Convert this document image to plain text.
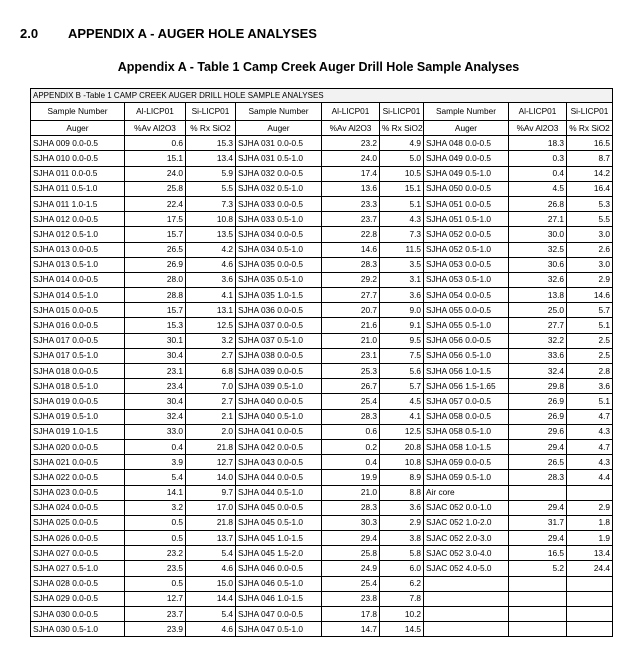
2.0 APPENDIX A - AUGER HOLE ANALYSES
Appendix A - Table 1 Camp Creek Auger Drill Hole Sample Analyses
APPENDIX B -Table 1 CAMP CREEK AUGER DRILL HOLE SAMPLE ANALYSES								
Sample Number	Al-LICP01	Si-LICP01	Sample Number	Al-LICP01	Si-LICP01	Sample Number	Al-LICP01	Si-LICP01
Auger	%Av Al2O3	% Rx SiO2	Auger	%Av Al2O3	% Rx SiO2	Auger	%Av Al2O3	% Rx SiO2
SJHA 009 0.0-0.5	0.6	15.3	SJHA 031 0.0-0.5	23.2	4.9	SJHA 048 0.0-0.5	18.3	16.5
SJHA 010 0.0-0.5	15.1	13.4	SJHA 031 0.5-1.0	24.0	5.0	SJHA 049 0.0-0.5	0.3	8.7
SJHA 011 0.0-0.5	24.0	5.9	SJHA 032 0.0-0.5	17.4	10.5	SJHA 049 0.5-1.0	0.4	14.2
SJHA 011 0.5-1.0	25.8	5.5	SJHA 032 0.5-1.0	13.6	15.1	SJHA 050 0.0-0.5	4.5	16.4
SJHA 011 1.0-1.5	22.4	7.3	SJHA 033 0.0-0.5	23.3	5.1	SJHA 051 0.0-0.5	26.8	5.3
SJHA 012 0.0-0.5	17.5	10.8	SJHA 033 0.5-1.0	23.7	4.3	SJHA 051 0.5-1.0	27.1	5.5
SJHA 012 0.5-1.0	15.7	13.5	SJHA 034 0.0-0.5	22.8	7.3	SJHA 052 0.0-0.5	30.0	3.0
SJHA 013 0.0-0.5	26.5	4.2	SJHA 034 0.5-1.0	14.6	11.5	SJHA 052 0.5-1.0	32.5	2.6
SJHA 013 0.5-1.0	26.9	4.6	SJHA 035 0.0-0.5	28.3	3.5	SJHA 053 0.0-0.5	30.6	3.0
SJHA 014 0.0-0.5	28.0	3.6	SJHA 035 0.5-1.0	29.2	3.1	SJHA 053 0.5-1.0	32.6	2.9
SJHA 014 0.5-1.0	28.8	4.1	SJHA 035 1.0-1.5	27.7	3.6	SJHA 054 0.0-0.5	13.8	14.6
SJHA 015 0.0-0.5	15.7	13.1	SJHA 036 0.0-0.5	20.7	9.0	SJHA 055 0.0-0.5	25.0	5.7
SJHA 016 0.0-0.5	15.3	12.5	SJHA 037 0.0-0.5	21.6	9.1	SJHA 055 0.5-1.0	27.7	5.1
SJHA 017 0.0-0.5	30.1	3.2	SJHA 037 0.5-1.0	21.0	9.5	SJHA 056 0.0-0.5	32.2	2.5
SJHA 017 0.5-1.0	30.4	2.7	SJHA 038 0.0-0.5	23.1	7.5	SJHA 056 0.5-1.0	33.6	2.5
SJHA 018 0.0-0.5	23.1	6.8	SJHA 039 0.0-0.5	25.3	5.6	SJHA 056 1.0-1.5	32.4	2.8
SJHA 018 0.5-1.0	23.4	7.0	SJHA 039 0.5-1.0	26.7	5.7	SJHA 056 1.5-1.65	29.8	3.6
SJHA 019 0.0-0.5	30.4	2.7	SJHA 040 0.0-0.5	25.4	4.5	SJHA 057 0.0-0.5	26.9	5.1
SJHA 019 0.5-1.0	32.4	2.1	SJHA 040 0.5-1.0	28.3	4.1	SJHA 058 0.0-0.5	26.9	4.7
SJHA 019 1.0-1.5	33.0	2.0	SJHA 041 0.0-0.5	0.6	12.5	SJHA 058 0.5-1.0	29.6	4.3
SJHA 020 0.0-0.5	0.4	21.8	SJHA 042 0.0-0.5	0.2	20.8	SJHA 058 1.0-1.5	29.4	4.7
SJHA 021 0.0-0.5	3.9	12.7	SJHA 043 0.0-0.5	0.4	10.8	SJHA 059 0.0-0.5	26.5	4.3
SJHA 022 0.0-0.5	5.4	14.0	SJHA 044 0.0-0.5	19.9	8.9	SJHA 059 0.5-1.0	28.3	4.4
SJHA 023 0.0-0.5	14.1	9.7	SJHA 044 0.5-1.0	21.0	8.8	Air core		
SJHA 024 0.0-0.5	3.2	17.0	SJHA 045 0.0-0.5	28.3	3.6	SJAC 052 0.0-1.0	29.4	2.9
SJHA 025 0.0-0.5	0.5	21.8	SJHA 045 0.5-1.0	30.3	2.9	SJAC 052 1.0-2.0	31.7	1.8
SJHA 026 0.0-0.5	0.5	13.7	SJHA 045 1.0-1.5	29.4	3.8	SJAC 052 2.0-3.0	29.4	1.9
SJHA 027 0.0-0.5	23.2	5.4	SJHA 045 1.5-2.0	25.8	5.8	SJAC 052 3.0-4.0	16.5	13.4
SJHA 027 0.5-1.0	23.5	4.6	SJHA 046 0.0-0.5	24.9	6.0	SJAC 052 4.0-5.0	5.2	24.4
SJHA 028 0.0-0.5	0.5	15.0	SJHA 046 0.5-1.0	25.4	6.2			
SJHA 029 0.0-0.5	12.7	14.4	SJHA 046 1.0-1.5	23.8	7.8			
SJHA 030 0.0-0.5	23.7	5.4	SJHA 047 0.0-0.5	17.8	10.2			
SJHA 030 0.5-1.0	23.9	4.6	SJHA 047 0.5-1.0	14.7	14.5			
